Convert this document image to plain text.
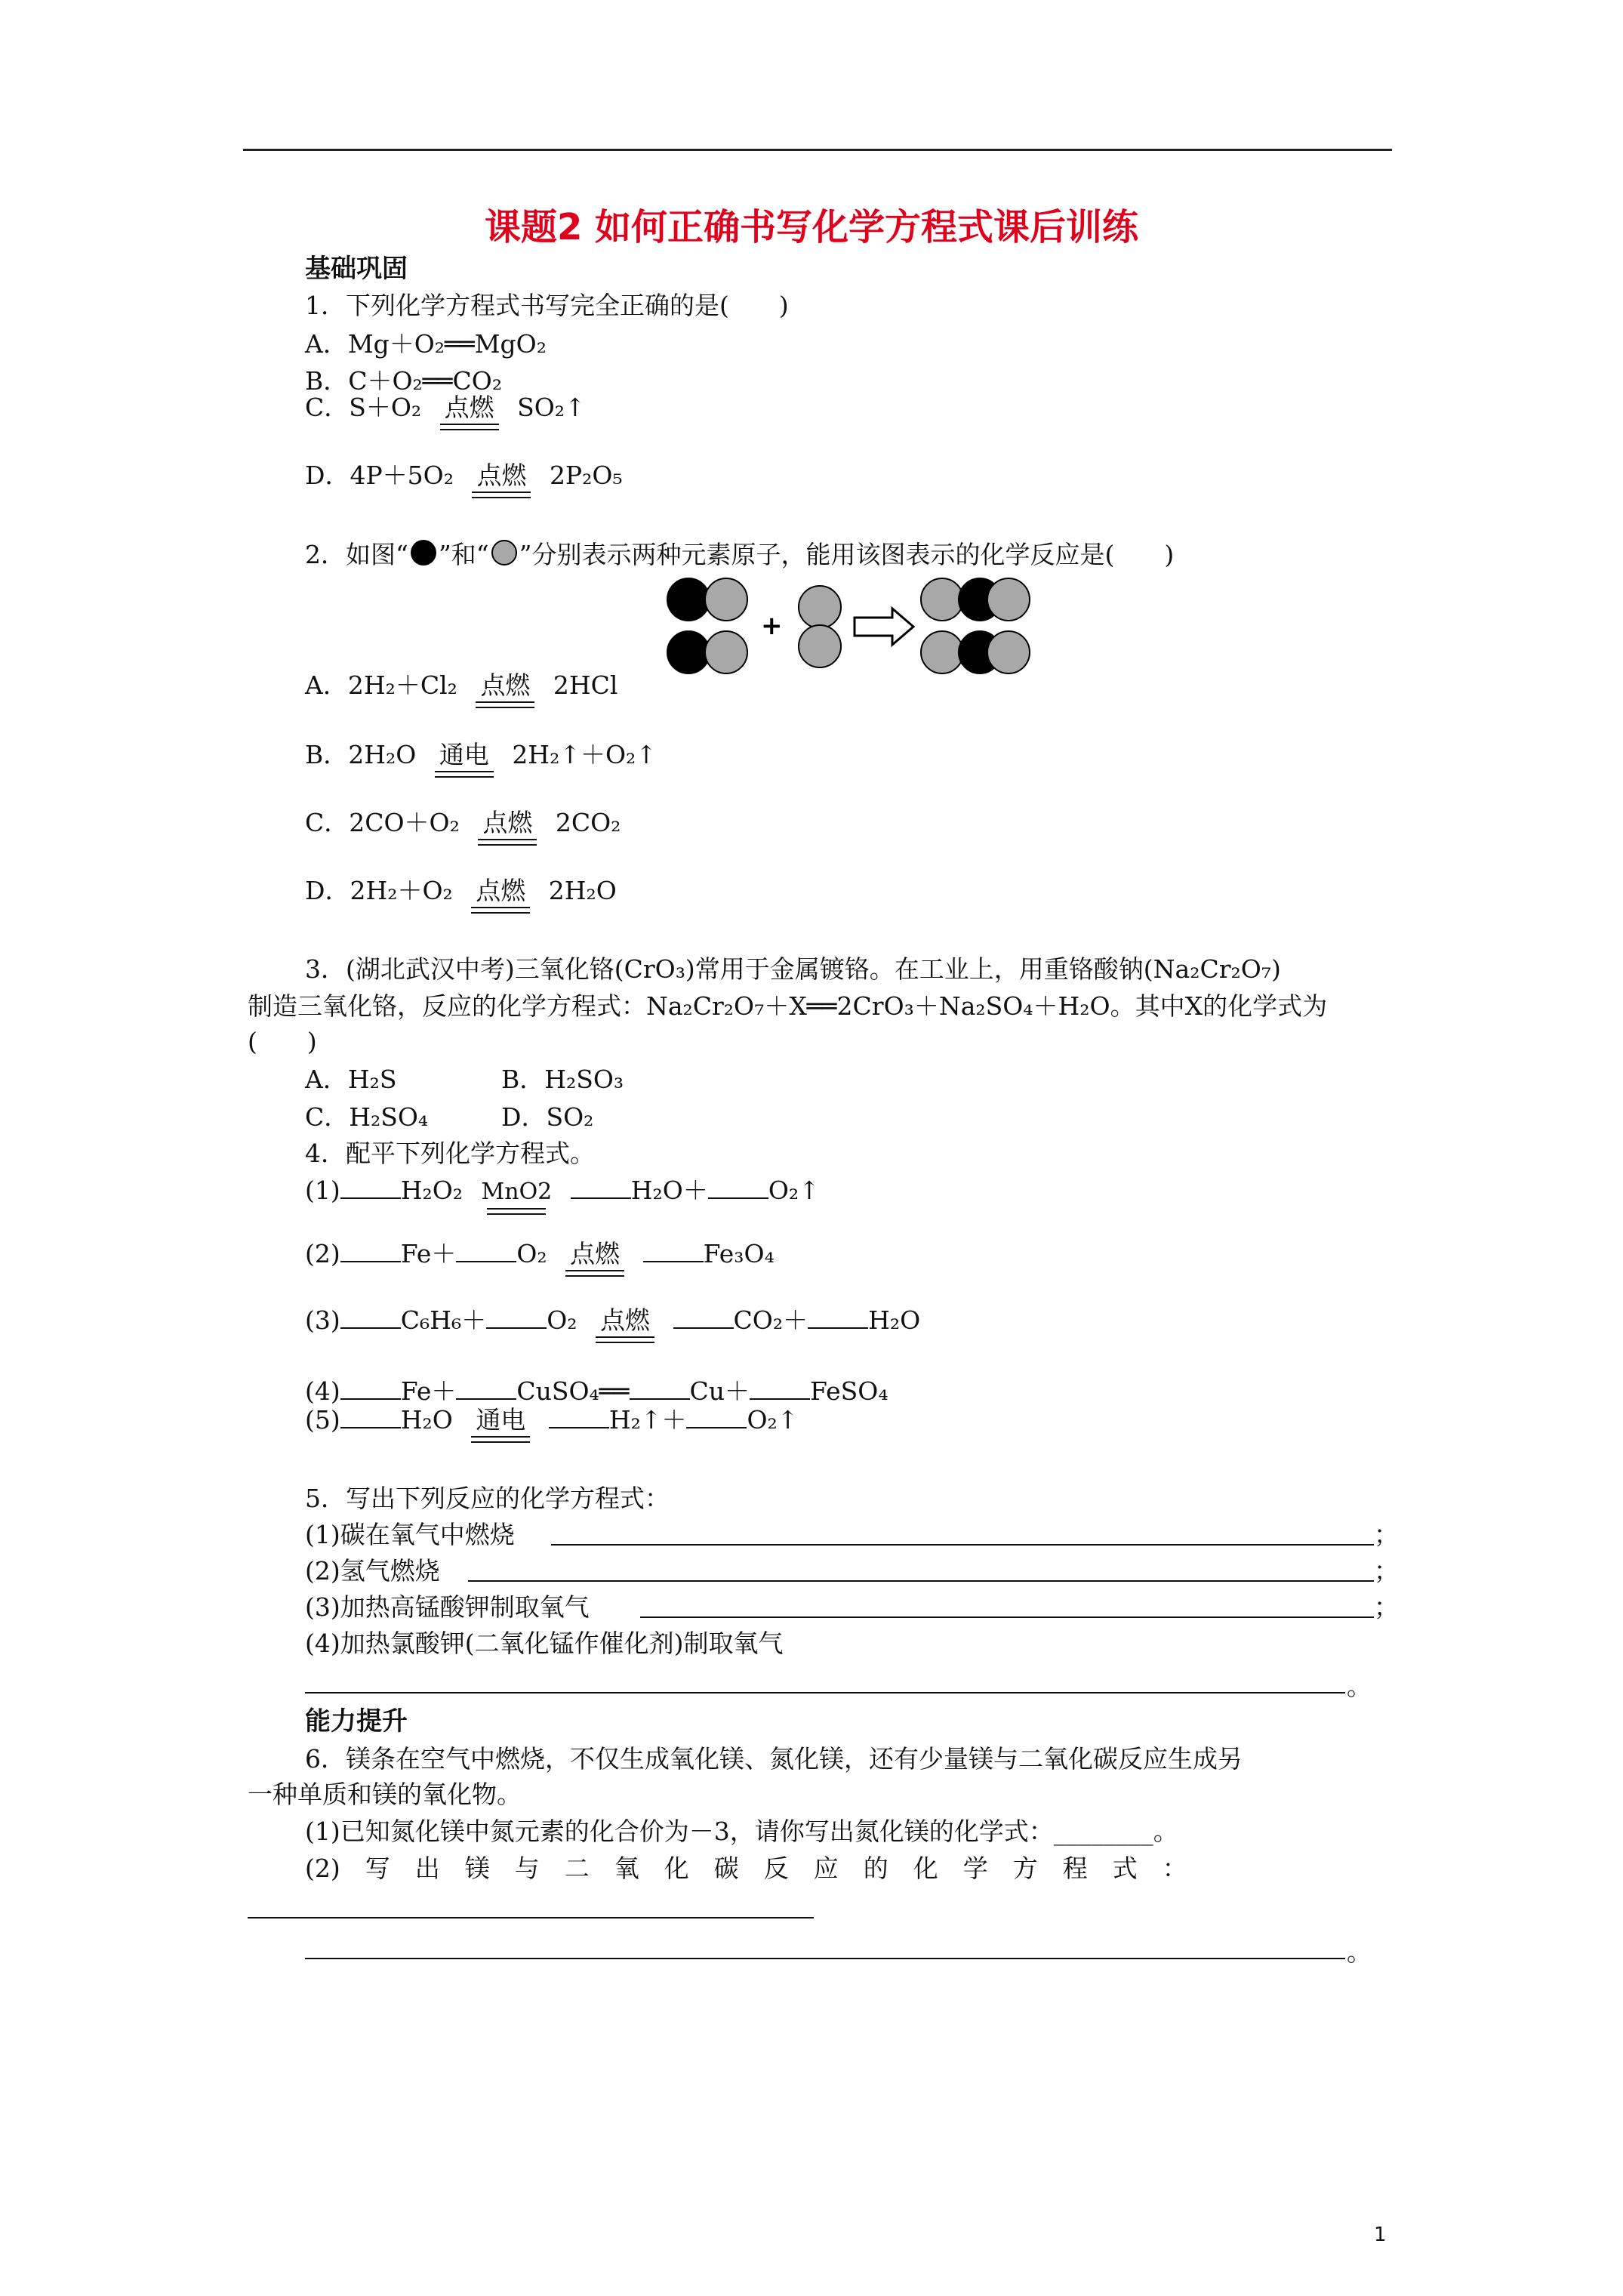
课题2 如何正确书写化学方程式课后训练
基础巩固
1．下列化学方程式书写完全正确的是(　　)
A．Mg＋O₂══MgO₂
B．C＋O₂══CO₂
C．S＋O₂ 点燃 SO₂↑
D．4P＋5O₂ 点燃 2P₂O₅
2．如图“ ”和“ ”分别表示两种元素原子，能用该图表示的化学反应是(　　)
+
A．2H₂＋Cl₂ 点燃 2HCl
B．2H₂O 通电 2H₂↑＋O₂↑
C．2CO＋O₂ 点燃 2CO₂
D．2H₂＋O₂ 点燃 2H₂O
3．(湖北武汉中考)三氧化铬(CrO₃)常用于金属镀铬。在工业上，用重铬酸钠(Na₂Cr₂O₇)
制造三氧化铬，反应的化学方程式：Na₂Cr₂O₇＋X══2CrO₃＋Na₂SO₄＋H₂O。其中X的化学式为
(　　)
A．H₂S	B．H₂SO₃
C．H₂SO₄	D．SO₂
4．配平下列化学方程式。
(1) H₂O₂ MnO2	H₂O＋ O₂↑
(2) Fe＋ O₂ 点燃	Fe₃O₄
(3) C₆H₆＋ O₂ 点燃	CO₂＋ H₂O
(4) Fe＋ CuSO₄══ Cu＋ FeSO₄
(5) H₂O 通电	H₂↑＋ O₂↑
5．写出下列反应的化学方程式：
(1)碳在氧气中燃烧	；
(2)氢气燃烧	；
(3)加热高锰酸钾制取氧气	；
(4)加热氯酸钾(二氧化锰作催化剂)制取氧气
。
能力提升
6．镁条在空气中燃烧，不仅生成氧化镁、氮化镁，还有少量镁与二氧化碳反应生成另
一种单质和镁的氧化物。
(1)已知氮化镁中氮元素的化合价为－3，请你写出氮化镁的化学式：________。
(2)　写　出　镁　与　二　氧　化　碳　反　应　的　化　学　方　程　式　：
。
1
